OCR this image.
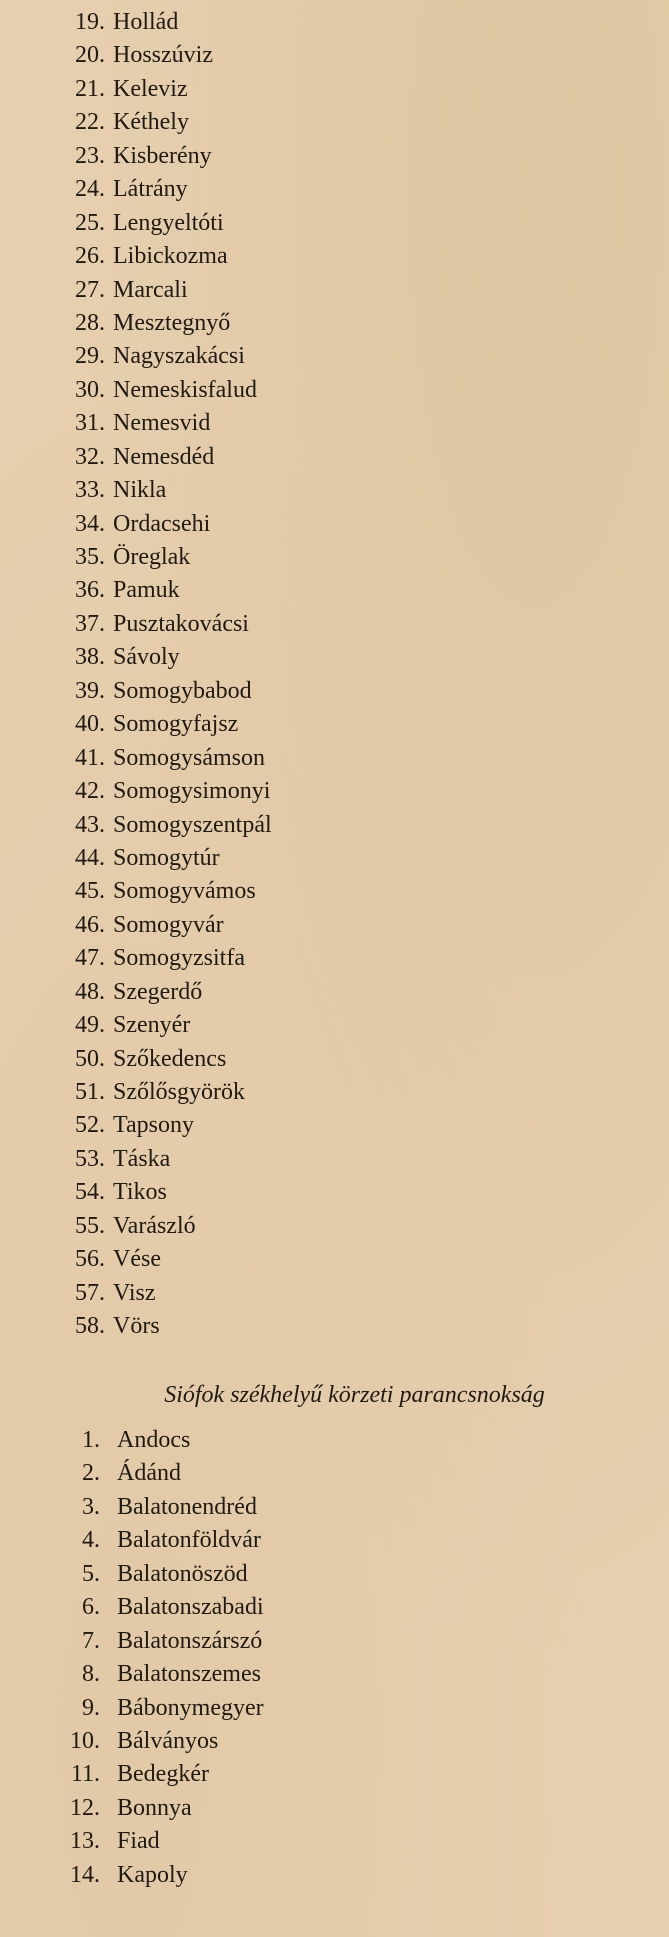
19. Hollád
20. Hosszúviz
21. Keleviz
22. Kéthely
23. Kisberény
24. Látrány
25. Lengyeltóti
26. Libickozma
27. Marcali
28. Mesztegnyő
29. Nagyszakácsi
30. Nemeskisfalud
31. Nemesvid
32. Nemesdéd
33. Nikla
34. Ordacsehi
35. Öreglak
36. Pamuk
37. Pusztakovácsi
38. Sávoly
39. Somogybabod
40. Somogyfajsz
41. Somogysámson
42. Somogysimonyi
43. Somogyszentpál
44. Somogytúr
45. Somogyvámos
46. Somogyvár
47. Somogyzsitfa
48. Szegerdő
49. Szenyér
50. Szőkedencs
51. Szőlősgyörök
52. Tapsony
53. Táska
54. Tikos
55. Varászló
56. Vése
57. Visz
58. Vörs
Siófok székhelyű körzeti parancsnokság
1. Andocs
2. Ádánd
3. Balatonendréd
4. Balatonföldvár
5. Balatonöszöd
6. Balatonszabadi
7. Balatonszárszó
8. Balatonszemes
9. Bábonymegyer
10. Bálványos
11. Bedegkér
12. Bonnya
13. Fiad
14. Kapoly
